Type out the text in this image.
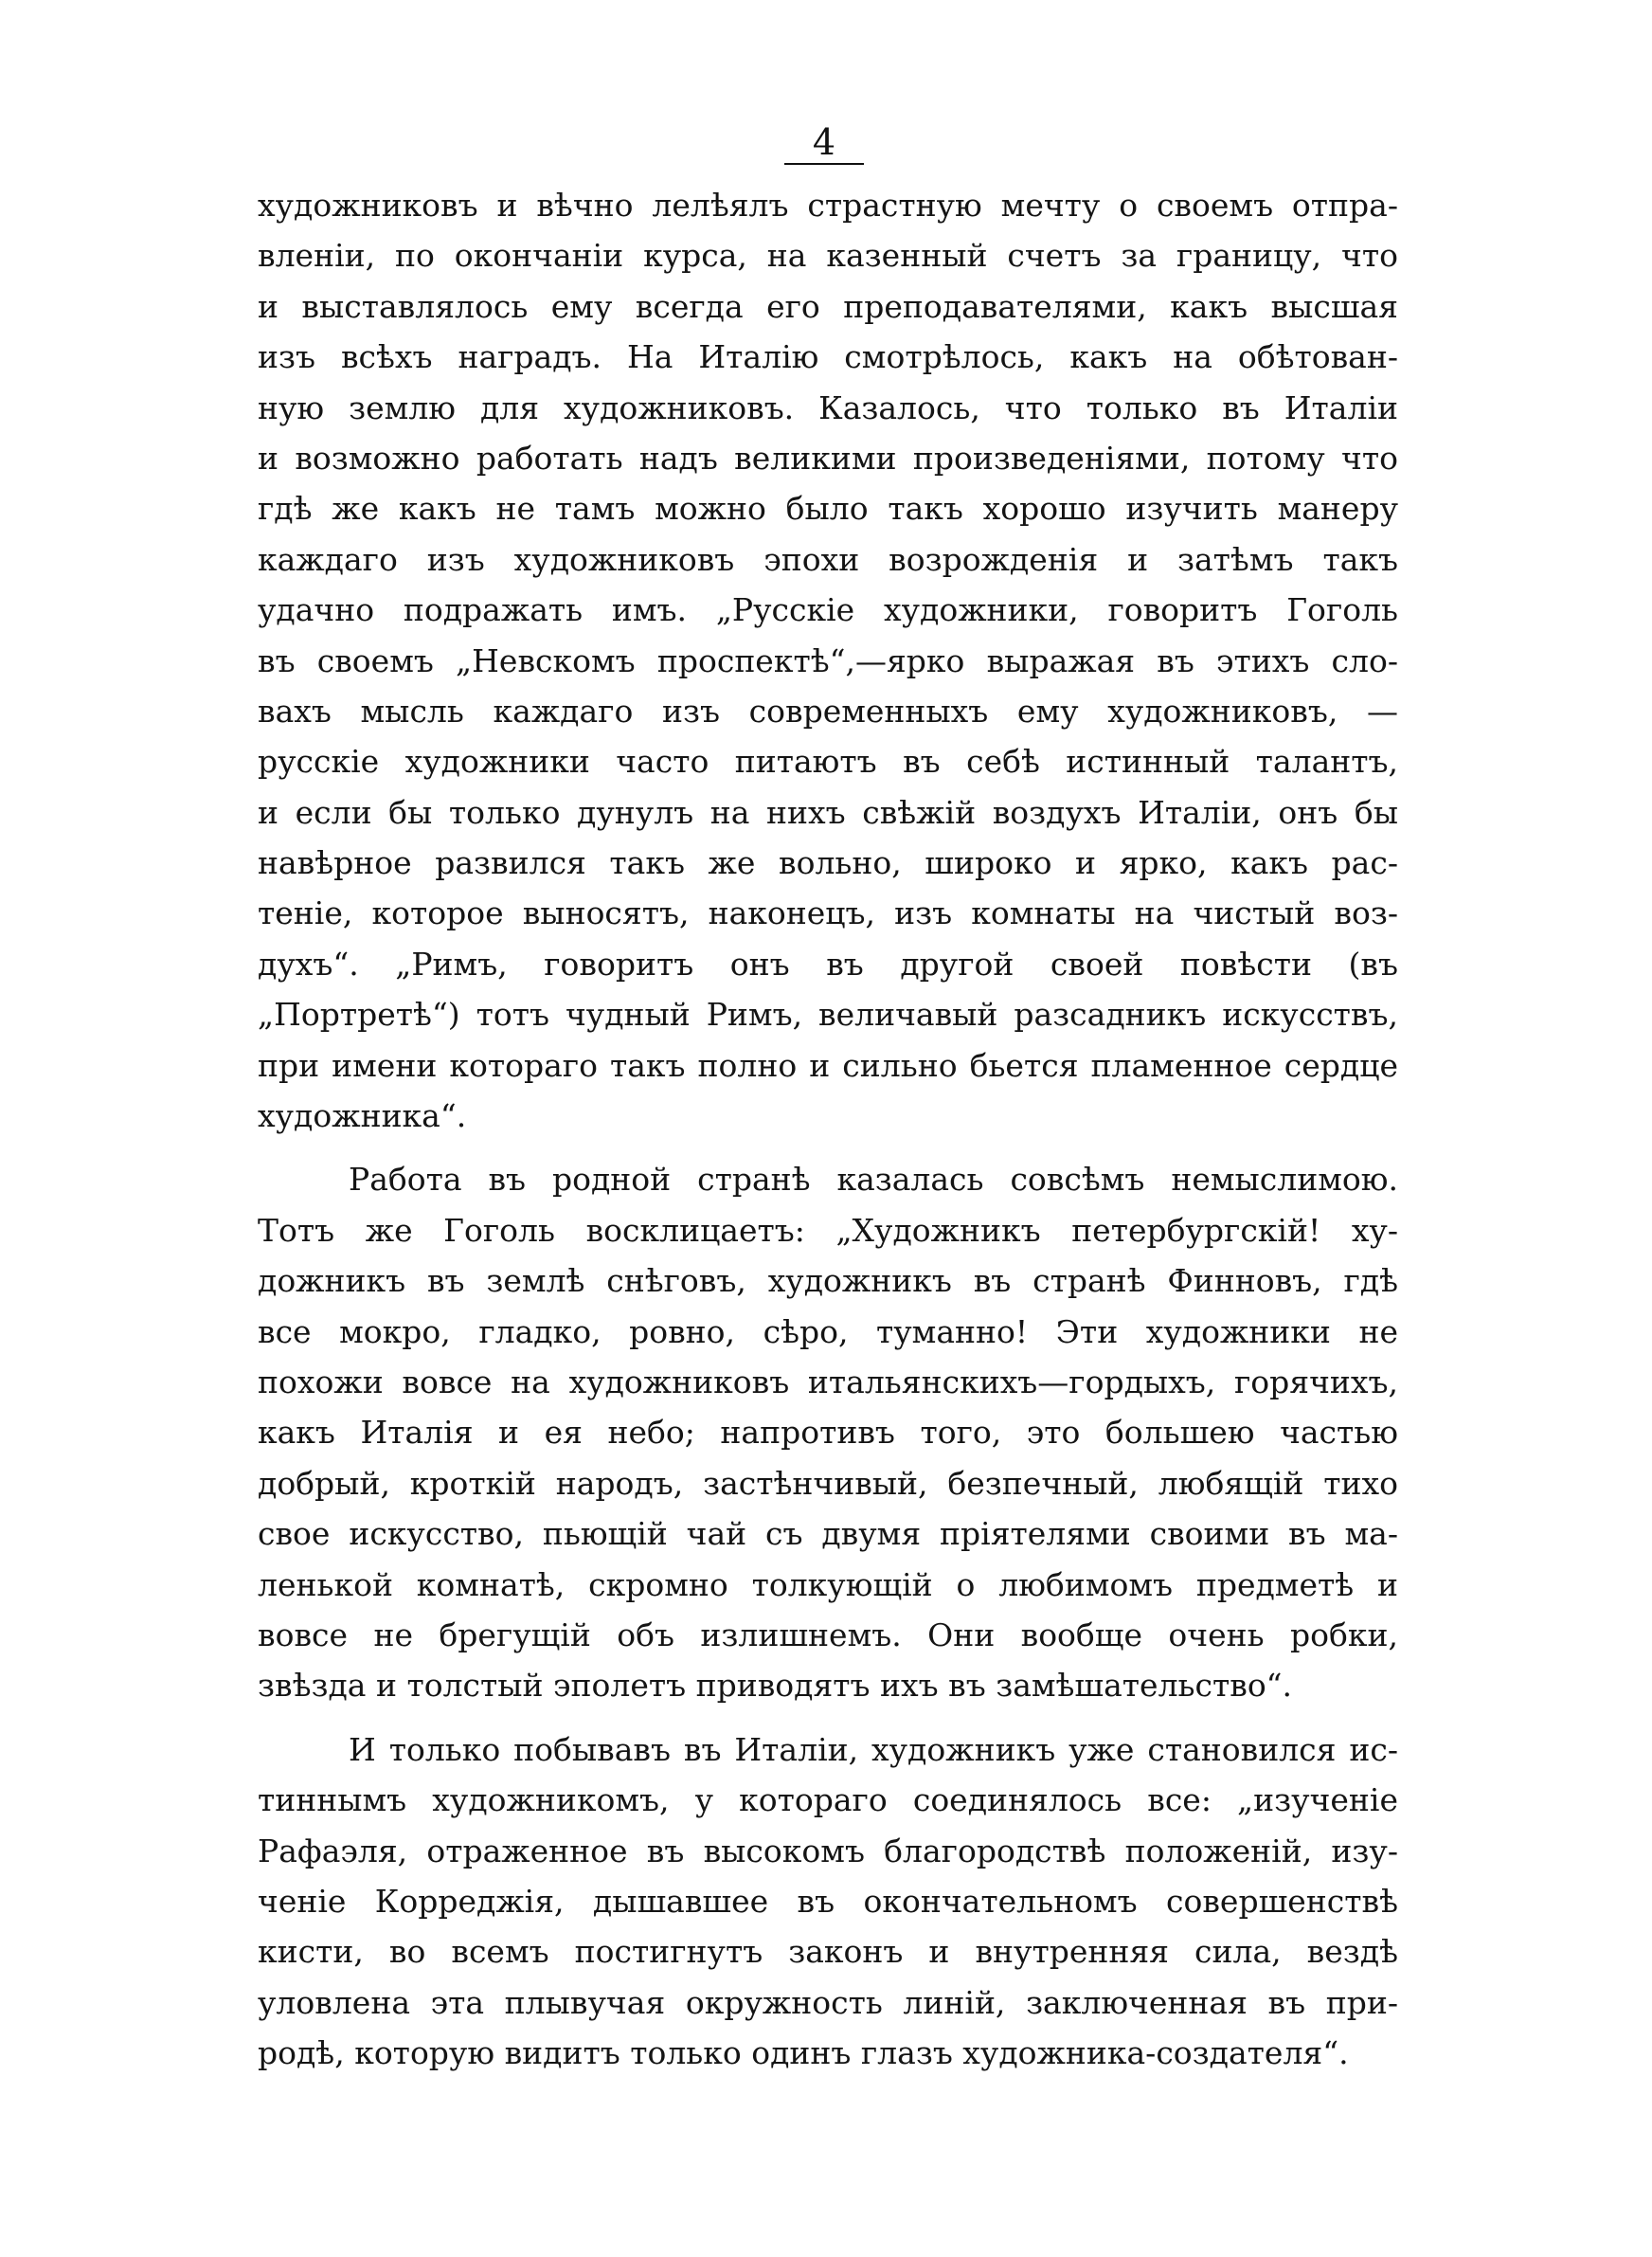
4
художниковъ и вѣчно лелѣялъ страстную мечту о своемъ отпра-
вленіи, по окончаніи курса, на казенный счетъ за границу, что
и выставлялось ему всегда его преподавателями, какъ высшая
изъ всѣхъ наградъ. На Италію смотрѣлось, какъ на обѣтован-
ную землю для художниковъ. Казалось, что только въ Италіи
и возможно работать надъ великими произведеніями, потому что
гдѣ же какъ не тамъ можно было такъ хорошо изучить манеру
каждаго изъ художниковъ эпохи возрожденія и затѣмъ такъ
удачно подражать имъ. „Русскіе художники, говоритъ Гоголь
въ своемъ „Невскомъ проспектѣ“,—ярко выражая въ этихъ сло-
вахъ мысль каждаго изъ современныхъ ему художниковъ, —
русскіе художники часто питаютъ въ себѣ истинный талантъ,
и если бы только дунулъ на нихъ свѣжій воздухъ Италіи, онъ бы
навѣрное развился такъ же вольно, широко и ярко, какъ рас-
теніе, которое выносятъ, наконецъ, изъ комнаты на чистый воз-
духъ“. „Римъ, говоритъ онъ въ другой своей повѣсти (въ
„Портретѣ“) тотъ чудный Римъ, величавый разсадникъ искусствъ,
при имени котораго такъ полно и сильно бьется пламенное сердце
художника“.
Работа въ родной странѣ казалась совсѣмъ немыслимою.
Тотъ же Гоголь восклицаетъ: „Художникъ петербургскій! ху-
дожникъ въ землѣ снѣговъ, художникъ въ странѣ Финновъ, гдѣ
все мокро, гладко, ровно, сѣро, туманно! Эти художники не
похожи вовсе на художниковъ итальянскихъ—гордыхъ, горячихъ,
какъ Италія и ея небо; напротивъ того, это большею частью
добрый, кроткій народъ, застѣнчивый, безпечный, любящій тихо
свое искусство, пьющій чай съ двумя пріятелями своими въ ма-
ленькой комнатѣ, скромно толкующій о любимомъ предметѣ и
вовсе не брегущій объ излишнемъ. Они вообще очень робки,
звѣзда и толстый эполетъ приводятъ ихъ въ замѣшательство“.
И только побывавъ въ Италіи, художникъ уже становился ис-
тиннымъ художникомъ, у котораго соединялось все: „изученіе
Рафаэля, отраженное въ высокомъ благородствѣ положеній, изу-
ченіе Корреджія, дышавшее въ окончательномъ совершенствѣ
кисти, во всемъ постигнутъ законъ и внутренняя сила, вездѣ
уловлена эта плывучая окружность линій, заключенная въ при-
родѣ, которую видитъ только одинъ глазъ художника-создателя“.
